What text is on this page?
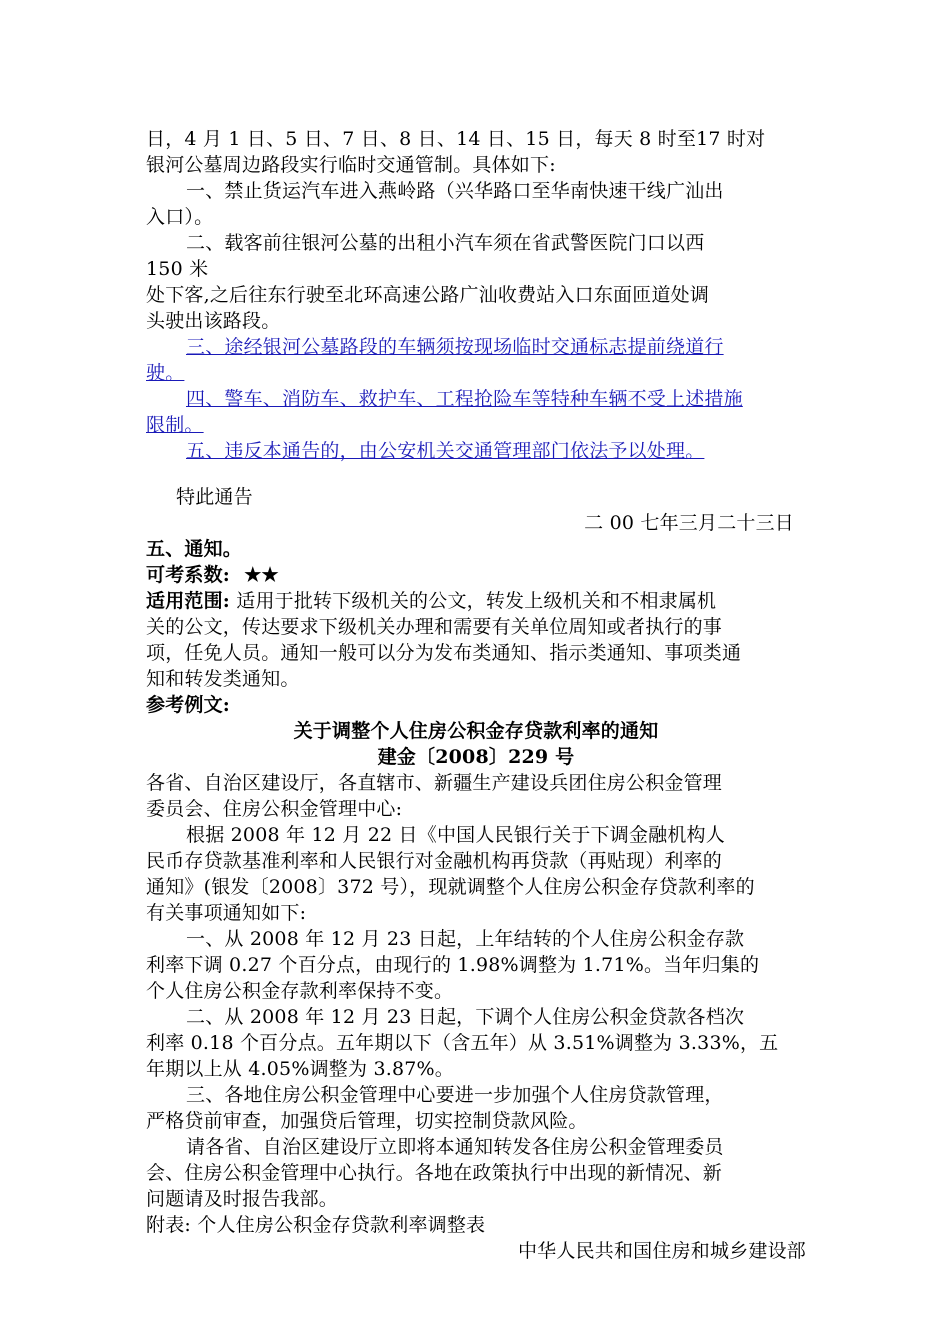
日，4 月 1 日、5 日、7 日、8 日、14 日、15 日，每天 8 时至17 时对
银河公墓周边路段实行临时交通管制。具体如下:
一、禁止货运汽车进入燕岭路（兴华路口至华南快速干线广汕出
入口）。
二、载客前往银河公墓的出租小汽车须在省武警医院门口以西
150 米
处下客,之后往东行驶至北环高速公路广汕收费站入口东面匝道处调
头驶出该路段。
三、途经银河公墓路段的车辆须按现场临时交通标志提前绕道行
驶。
四、警车、消防车、救护车、工程抢险车等特种车辆不受上述措施
限制。
五、违反本通告的，由公安机关交通管理部门依法予以处理。
特此通告
二 00 七年三月二十三日
五、通知。
可考系数: ★★
适用范围: 适用于批转下级机关的公文，转发上级机关和不相隶属机
关的公文，传达要求下级机关办理和需要有关单位周知或者执行的事
项，任免人员。通知一般可以分为发布类通知、指示类通知、事项类通
知和转发类通知。
参考例文:
关于调整个人住房公积金存贷款利率的通知
建金〔2008〕229 号
各省、自治区建设厅，各直辖市、新疆生产建设兵团住房公积金管理
委员会、住房公积金管理中心:
根据 2008 年 12 月 22 日《中国人民银行关于下调金融机构人
民币存贷款基准利率和人民银行对金融机构再贷款（再贴现）利率的
通知》(银发〔2008〕372 号），现就调整个人住房公积金存贷款利率的
有关事项通知如下:
一、从 2008 年 12 月 23 日起，上年结转的个人住房公积金存款
利率下调 0.27 个百分点，由现行的 1.98%调整为 1.71%。当年归集的
个人住房公积金存款利率保持不变。
二、从 2008 年 12 月 23 日起，下调个人住房公积金贷款各档次
利率 0.18 个百分点。五年期以下（含五年）从 3.51%调整为 3.33%，五
年期以上从 4.05%调整为 3.87%。
三、各地住房公积金管理中心要进一步加强个人住房贷款管理，
严格贷前审查，加强贷后管理，切实控制贷款风险。
请各省、自治区建设厅立即将本通知转发各住房公积金管理委员
会、住房公积金管理中心执行。各地在政策执行中出现的新情况、新
问题请及时报告我部。
附表: 个人住房公积金存贷款利率调整表
中华人民共和国住房和城乡建设部
